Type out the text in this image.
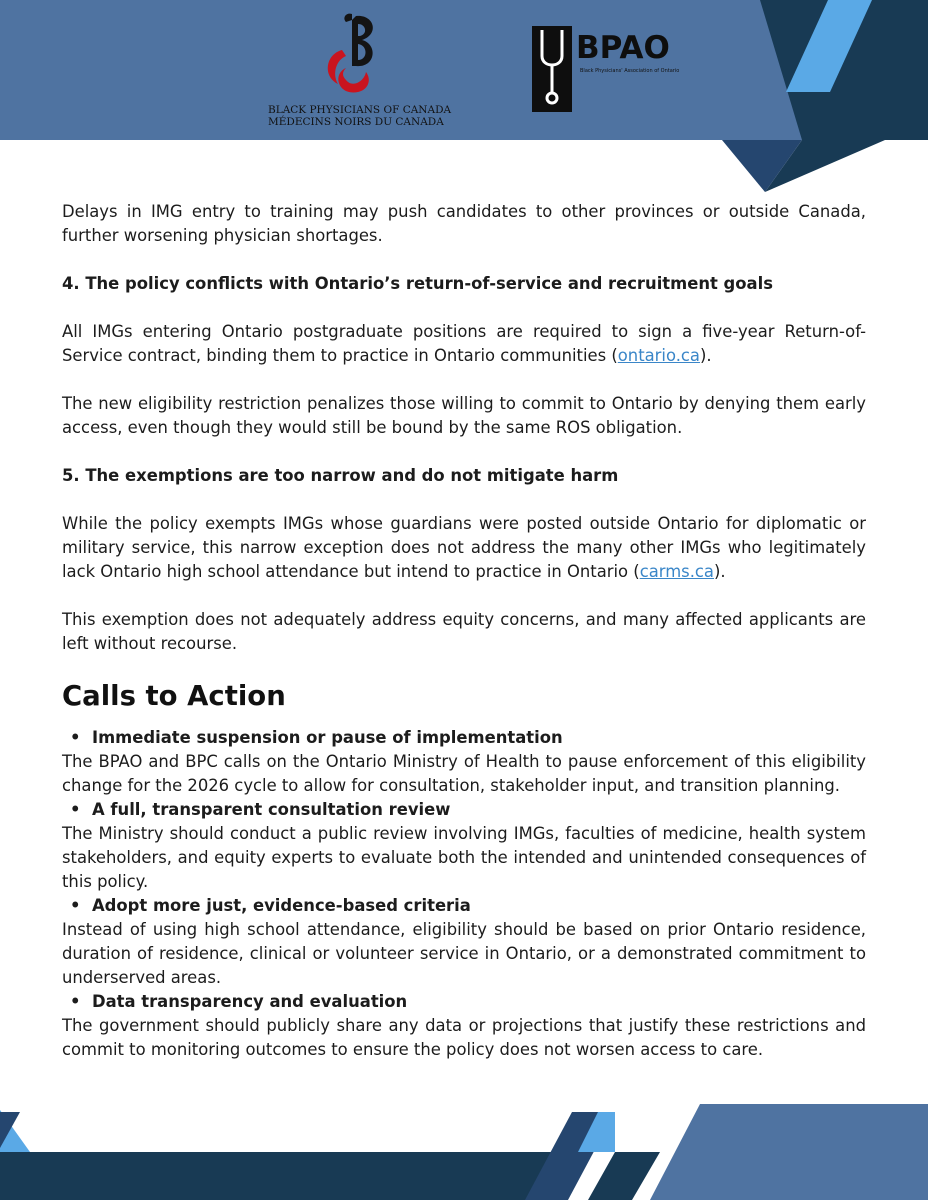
BLACK PHYSICIANS OF CANADA
MÉDECINS NOIRS DU CANADA
BPAO
Black Physicians' Association of Ontario

Delays in IMG entry to training may push candidates to other provinces or outside Canada, further worsening physician shortages.

4. The policy conflicts with Ontario’s return-of-service and recruitment goals

All IMGs entering Ontario postgraduate positions are required to sign a five-year Return-of-Service contract, binding them to practice in Ontario communities (ontario.ca).

The new eligibility restriction penalizes those willing to commit to Ontario by denying them early access, even though they would still be bound by the same ROS obligation.

5. The exemptions are too narrow and do not mitigate harm

While the policy exempts IMGs whose guardians were posted outside Ontario for diplomatic or military service, this narrow exception does not address the many other IMGs who legitimately lack Ontario high school attendance but intend to practice in Ontario (carms.ca).

This exemption does not adequately address equity concerns, and many affected applicants are left without recourse.

Calls to Action

• Immediate suspension or pause of implementation

The BPAO and BPC calls on the Ontario Ministry of Health to pause enforcement of this eligibility change for the 2026 cycle to allow for consultation, stakeholder input, and transition planning.

• A full, transparent consultation review

The Ministry should conduct a public review involving IMGs, faculties of medicine, health system stakeholders, and equity experts to evaluate both the intended and unintended consequences of this policy.

• Adopt more just, evidence-based criteria

Instead of using high school attendance, eligibility should be based on prior Ontario residence, duration of residence, clinical or volunteer service in Ontario, or a demonstrated commitment to underserved areas.

• Data transparency and evaluation

The government should publicly share any data or projections that justify these restrictions and commit to monitoring outcomes to ensure the policy does not worsen access to care.
